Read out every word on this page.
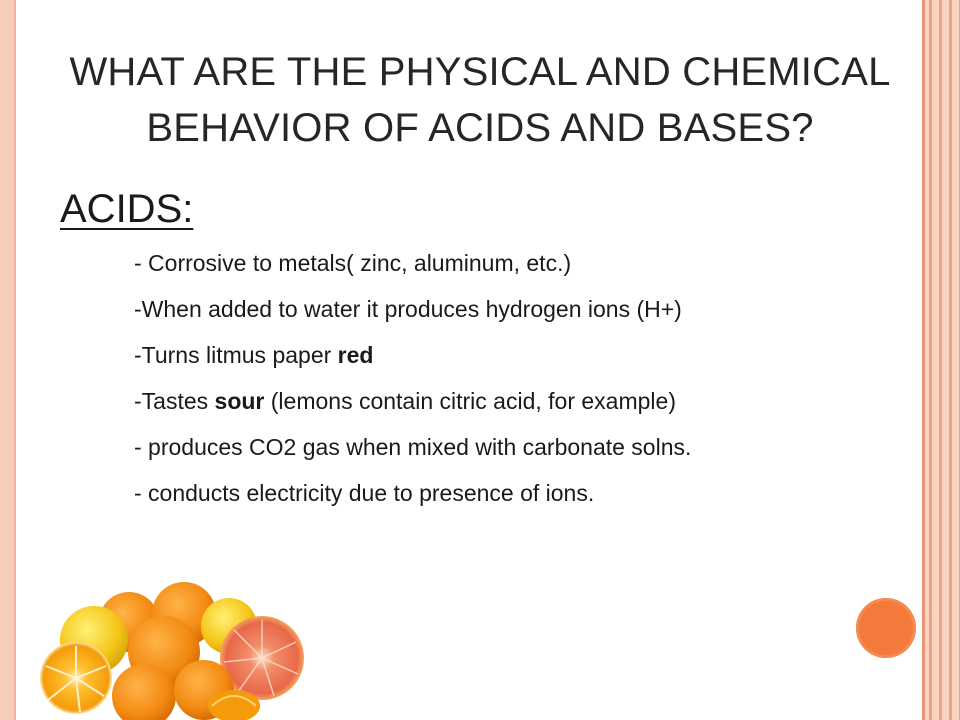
WHAT ARE THE PHYSICAL AND CHEMICAL
BEHAVIOR OF ACIDS AND BASES?
ACIDS:
- Corrosive to metals( zinc, aluminum, etc.)
-When added to water it produces hydrogen ions (H+)
-Turns litmus paper red
-Tastes sour (lemons contain citric acid, for example)
- produces CO2 gas when mixed with carbonate solns.
- conducts electricity due to presence of ions.
